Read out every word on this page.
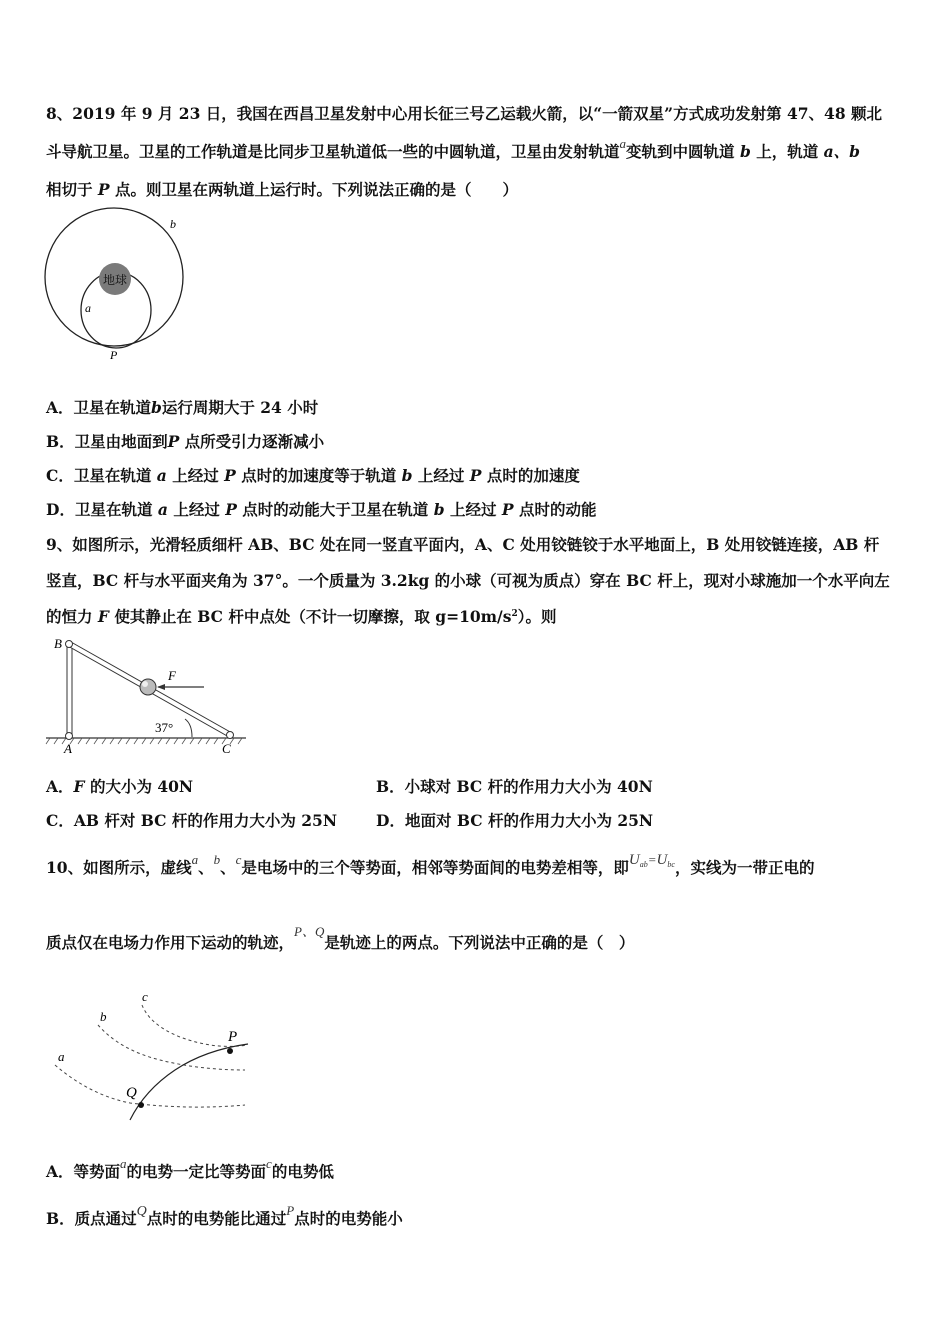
8、2019 年 9 月 23 日，我国在西昌卫星发射中心用长征三号乙运载火箭，以“一箭双星”方式成功发射第 47、48 颗北
斗导航卫星。卫星的工作轨道是比同步卫星轨道低一些的中圆轨道，卫星由发射轨道$^a$变轨到中圆轨道 b 上，轨道 a、b
相切于 P 点。则卫星在两轨道上运行时。下列说法正确的是（　　）
地球
a
b
P
A．卫星在轨道b运行周期大于 24 小时
B．卫星由地面到P 点所受引力逐渐减小
C．卫星在轨道 a 上经过 P 点时的加速度等于轨道 b 上经过 P 点时的加速度
D．卫星在轨道 a 上经过 P 点时的动能大于卫星在轨道 b 上经过 P 点时的动能
9、如图所示，光滑轻质细杆 AB、BC 处在同一竖直平面内，A、C 处用铰链铰于水平地面上，B 处用铰链连接，AB 杆
竖直，BC 杆与水平面夹角为 37°。一个质量为 3.2kg 的小球（可视为质点）穿在 BC 杆上，现对小球施加一个水平向左
的恒力 F 使其静止在 BC 杆中点处（不计一切摩擦，取 $g=10m/s^2$）。则
B
A	C
F
37°
A．F 的大小为 40N	B．小球对 BC 杆的作用力大小为 40N
C．AB 杆对 BC 杆的作用力大小为 25N	D．地面对 BC 杆的作用力大小为 25N
10、如图所示，虚线$^a$、$^b$、$^c$是电场中的三个等势面，相邻等势面间的电势差相等，即$U^{ab=}U^{bc}$，实线为一带正电的
质点仅在电场力作用下运动的轨迹，$^{P、Q}$是轨迹上的两点。下列说法中正确的是（　）
a
b
c
P
Q
A．等势面$^a$的电势一定比等势面$^c$的电势低
B．质点通过Q点时的电势能比通过$^P$点时的电势能小
